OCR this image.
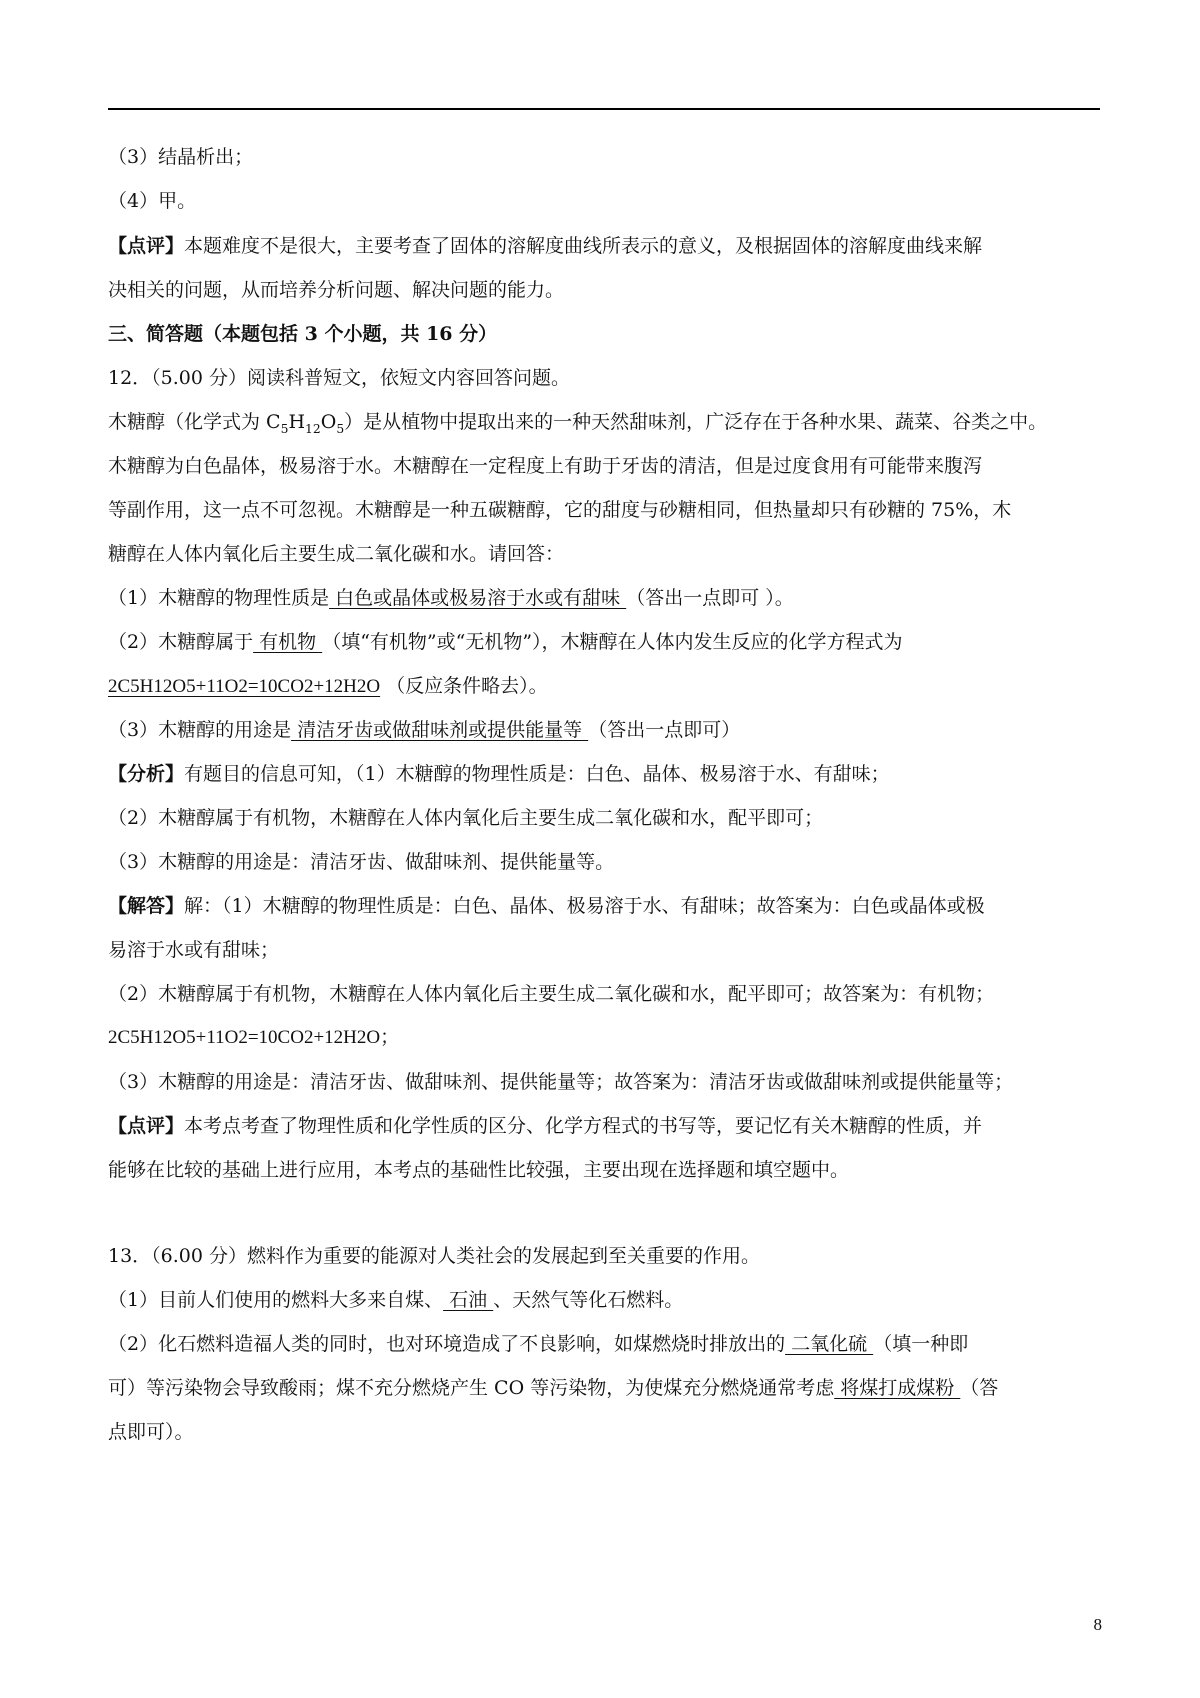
（3）结晶析出；
（4）甲。
【点评】本题难度不是很大，主要考查了固体的溶解度曲线所表示的意义，及根据固体的溶解度曲线来解
决相关的问题，从而培养分析问题、解决问题的能力。
三、简答题（本题包括 3 个小题，共 16 分）
12．（5.00 分）阅读科普短文，依短文内容回答问题。
木糖醇（化学式为 $C_5H_{12}O_5$）是从植物中提取出来的一种天然甜味剂，广泛存在于各种水果、蔬菜、谷类之中。
木糖醇为白色晶体，极易溶于水。木糖醇在一定程度上有助于牙齿的清洁，但是过度食用有可能带来腹泻
等副作用，这一点不可忽视。木糖醇是一种五碳糖醇，它的甜度与砂糖相同，但热量却只有砂糖的 75%，木
糖醇在人体内氧化后主要生成二氧化碳和水。请回答：
（1）木糖醇的物理性质是 白色或晶体或极易溶于水或有甜味 （答出一点即可 ）。
（2）木糖醇属于 有机物 （填“有机物”或“无机物”），木糖醇在人体内发生反应的化学方程式为
2C5H12O5+11O2=10CO2+12H2O （反应条件略去）。
（3）木糖醇的用途是 清洁牙齿或做甜味剂或提供能量等 （答出一点即可）
【分析】有题目的信息可知，（1）木糖醇的物理性质是：白色、晶体、极易溶于水、有甜味；
（2）木糖醇属于有机物，木糖醇在人体内氧化后主要生成二氧化碳和水，配平即可；
（3）木糖醇的用途是：清洁牙齿、做甜味剂、提供能量等。
【解答】解：（1）木糖醇的物理性质是：白色、晶体、极易溶于水、有甜味；故答案为：白色或晶体或极
易溶于水或有甜味；
（2）木糖醇属于有机物，木糖醇在人体内氧化后主要生成二氧化碳和水，配平即可；故答案为：有机物；
2C5H12O5+11O2=10CO2+12H2O；
（3）木糖醇的用途是：清洁牙齿、做甜味剂、提供能量等；故答案为：清洁牙齿或做甜味剂或提供能量等；
【点评】本考点考查了物理性质和化学性质的区分、化学方程式的书写等，要记忆有关木糖醇的性质，并
能够在比较的基础上进行应用，本考点的基础性比较强，主要出现在选择题和填空题中。
13．（6.00 分）燃料作为重要的能源对人类社会的发展起到至关重要的作用。
（1）目前人们使用的燃料大多来自煤、 石油 、天然气等化石燃料。
（2）化石燃料造福人类的同时，也对环境造成了不良影响，如煤燃烧时排放出的 二氧化硫 （填一种即
可）等污染物会导致酸雨；煤不充分燃烧产生 CO 等污染物，为使煤充分燃烧通常考虑 将煤打成煤粉 （答
点即可）。
8
